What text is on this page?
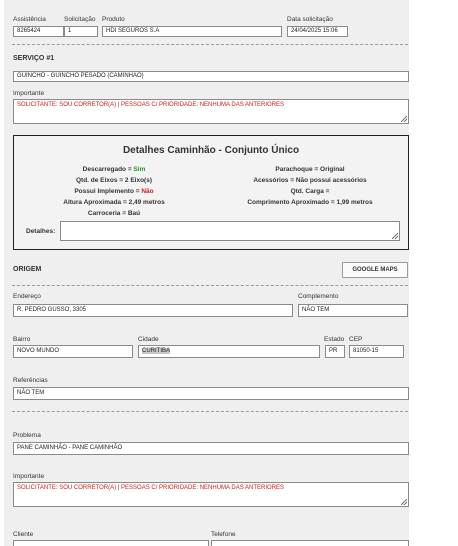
Assistência
8265424
Solicitação
1
Produto
HDI SEGUROS S.A
Data solicitação
24/04/2025 15:06
SERVIÇO #1
GUINCHO - GUINCHO PESADO (CAMINHÃO)
Importante
SOLICITANTE: SOU CORRETOR(A) | PESSOAS C/ PRIORIDADE: NENHUMA DAS ANTERIORES
Detalhes Caminhão - Conjunto Único
Descarregado = Sim
Qtd. de Eixos = 2 Eixo(s)
Possui Implemento = Não
Altura Aproximada = 2,49 metros
Carroceria = Baú
Parachoque = Original
Acessórios = Não possui acessórios
Qtd. Carga =
Comprimento Aproximado = 1,99 metros
Detalhes:
ORIGEM	GOOGLE MAPS
Endereço
R. PEDRO GUSSO, 3305
Complemento
NÃO TEM
Bairro
NOVO MUNDO
Cidade
CURITIBA
Estado
PR
CEP
81050-15
Referências
NÃO TEM
Problema
PANE CAMINHÃO - PANE CAMINHÃO
Importante
SOLICITANTE: SOU CORRETOR(A) | PESSOAS C/ PRIORIDADE: NENHUMA DAS ANTERIORES
Cliente	Telefone
